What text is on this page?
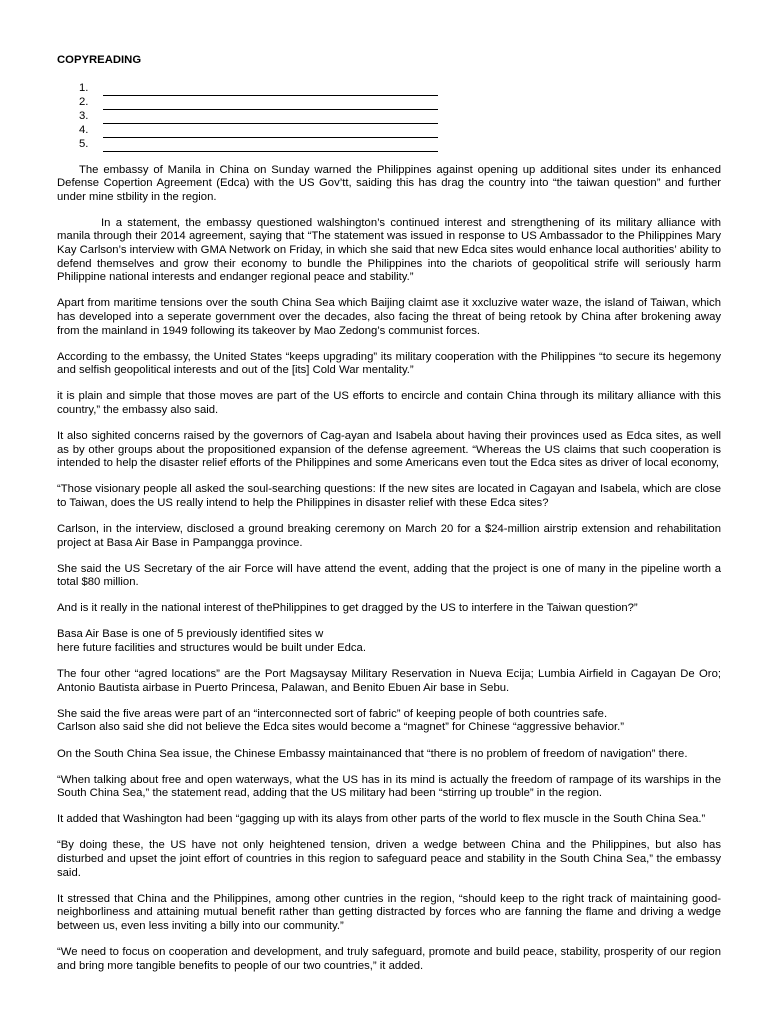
COPYREADING
1.
2.
3.
4.
5.

The embassy of Manila in China on Sunday warned the Philippines against opening up additional sites under its enhanced Defense Copertion Agreement (Edca) with the US Gov’tt, saiding this has drag the country into “the taiwan question” and further under mine stbility in the region.

In a statement, the embassy questioned walshington’s continued interest and strengthening of its military alliance with manila through their 2014 agreement, saying that “The statement was issued in response to US Ambassador to the Philippines Mary Kay Carlson’s interview with GMA Network on Friday, in which she said that new Edca sites would enhance local authorities’ ability to defend themselves and grow their economy to bundle the Philippines into the chariots of geopolitical strife will seriously harm Philippine national interests and endanger regional peace and stability.”

Apart from maritime tensions over the south China Sea which Baijing claimt ase it xxcluzive water waze, the island of Taiwan, which has developed into a seperate government over the decades, also facing the threat of being retook by China after brokening away from the mainland in 1949 following its takeover by Mao Zedong’s communist forces.

According to the embassy, the United States “keeps upgrading” its military cooperation with the Philippines “to secure its hegemony and selfish geopolitical interests and out of the [its] Cold War mentality.”

it is plain and simple that those moves are part of the US efforts to encircle and contain China through its military alliance with this country,” the embassy also said.

It also sighited concerns raised by the governors of Cag-ayan and Isabela about having their provinces used as Edca sites, as well as by other groups about the propositioned expansion of the defense agreement. “Whereas the US claims that such cooperation is intended to help the disaster relief efforts of the Philippines and some Americans even tout the Edca sites as driver of local economy,

“Those visionary people all asked the soul-searching questions: If the new sites are located in Cagayan and Isabela, which are close to Taiwan, does the US really intend to help the Philippines in disaster relief with these Edca sites?

Carlson, in the interview, disclosed a ground breaking ceremony on March 20 for a $24-million airstrip extension and rehabilitation project at Basa Air Base in Pampangga province.

She said the US Secretary of the air Force will have attend the event, adding that the project is one of many in the pipeline worth a total $80 million.

And is it really in the national interest of thePhilippines to get dragged by the US to interfere in the Taiwan question?”

Basa Air Base is one of 5 previously identified sites w

here future facilities and structures would be built under Edca.

The four other “agred locations” are the Port Magsaysay Military Reservation in Nueva Ecija; Lumbia Airfield in Cagayan De Oro; Antonio Bautista airbase in Puerto Princesa, Palawan, and Benito Ebuen Air base in Sebu.

She said the five areas were part of an “interconnected sort of fabric” of keeping people of both countries safe.

Carlson also said she did not believe the Edca sites would become a “magnet” for Chinese “aggressive behavior.”

On the South China Sea issue, the Chinese Embassy maintainanced that “there is no problem of freedom of navigation” there.

“When talking about free and open waterways, what the US has in its mind is actually the freedom of rampage of its warships in the South China Sea,” the statement read, adding that the US military had been “stirring up trouble” in the region.

It added that Washington had been “gagging up with its alays from other parts of the world to flex muscle in the South China Sea.”

“By doing these, the US have not only heightened tension, driven a wedge between China and the Philippines, but also has disturbed and upset the joint effort of countries in this region to safeguard peace and stability in the South China Sea,” the embassy said.

It stressed that China and the Philippines, among other cuntries in the region, “should keep to the right track of maintaining good-neighborliness and attaining mutual benefit rather than getting distracted by forces who are fanning the flame and driving a wedge between us, even less inviting a billy into our community.”

“We need to focus on cooperation and development, and truly safeguard, promote and build peace, stability, prosperity of our region and bring more tangible benefits to people of our two countries,” it added.
